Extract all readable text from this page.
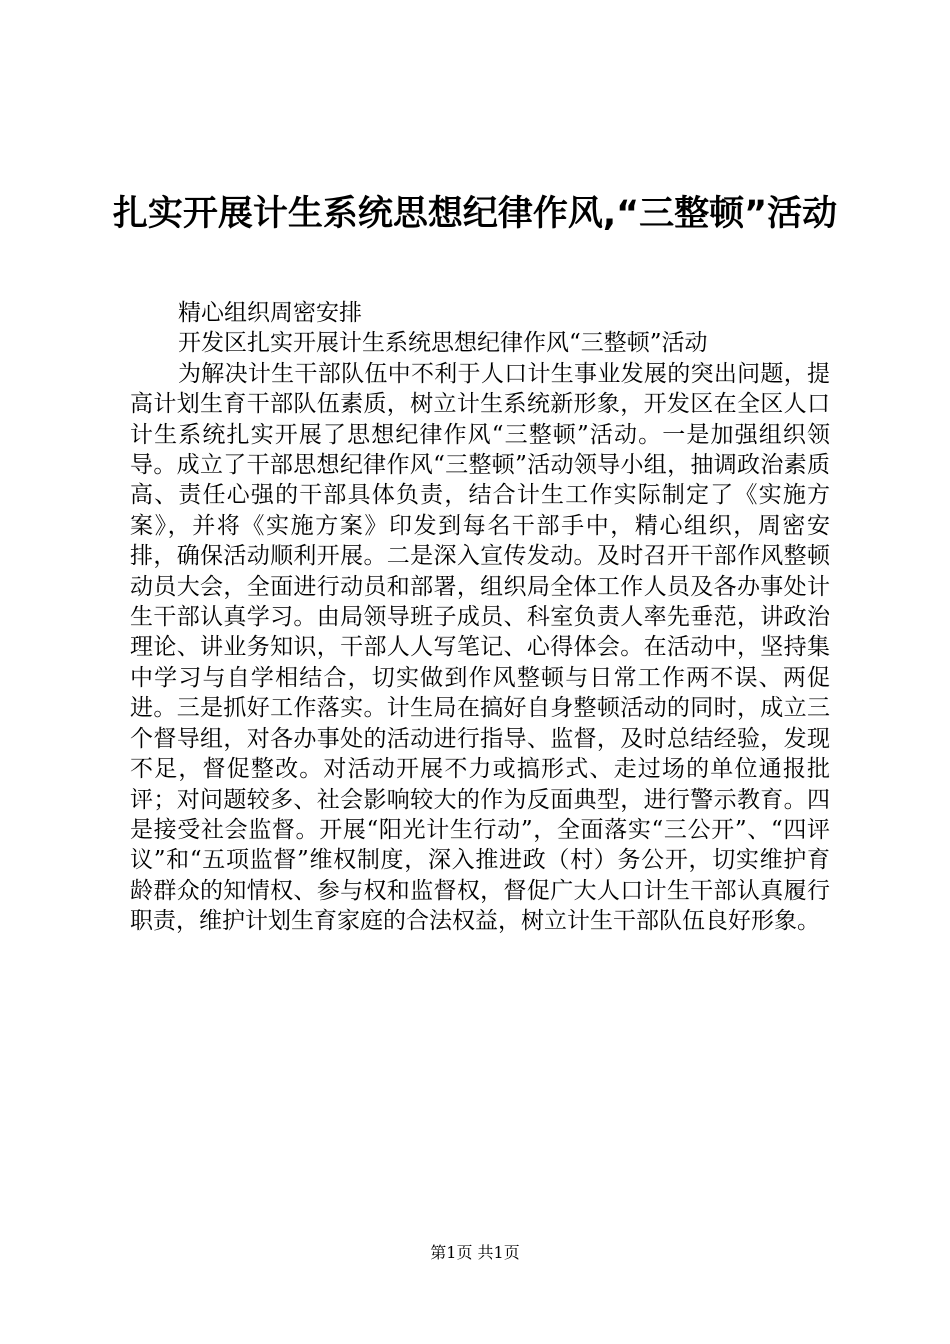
扎实开展计生系统思想纪律作风,“三整顿”活动

精心组织周密安排

开发区扎实开展计生系统思想纪律作风“三整顿”活动

为解决计生干部队伍中不利于人口计生事业发展的突出问题，提高计划生育干部队伍素质，树立计生系统新形象，开发区在全区人口计生系统扎实开展了思想纪律作风“三整顿”活动。一是加强组织领导。成立了干部思想纪律作风“三整顿”活动领导小组，抽调政治素质高、责任心强的干部具体负责，结合计生工作实际制定了《实施方案》，并将《实施方案》印发到每名干部手中，精心组织，周密安排，确保活动顺利开展。二是深入宣传发动。及时召开干部作风整顿动员大会，全面进行动员和部署，组织局全体工作人员及各办事处计生干部认真学习。由局领导班子成员、科室负责人率先垂范，讲政治理论、讲业务知识，干部人人写笔记、心得体会。在活动中，坚持集中学习与自学相结合，切实做到作风整顿与日常工作两不误、两促进。三是抓好工作落实。计生局在搞好自身整顿活动的同时，成立三个督导组，对各办事处的活动进行指导、监督，及时总结经验，发现不足，督促整改。对活动开展不力或搞形式、走过场的单位通报批评；对问题较多、社会影响较大的作为反面典型，进行警示教育。四是接受社会监督。开展“阳光计生行动”，全面落实“三公开”、“四评议”和“五项监督”维权制度，深入推进政（村）务公开，切实维护育龄群众的知情权、参与权和监督权，督促广大人口计生干部认真履行职责，维护计划生育家庭的合法权益，树立计生干部队伍良好形象。

第1页 共1页
